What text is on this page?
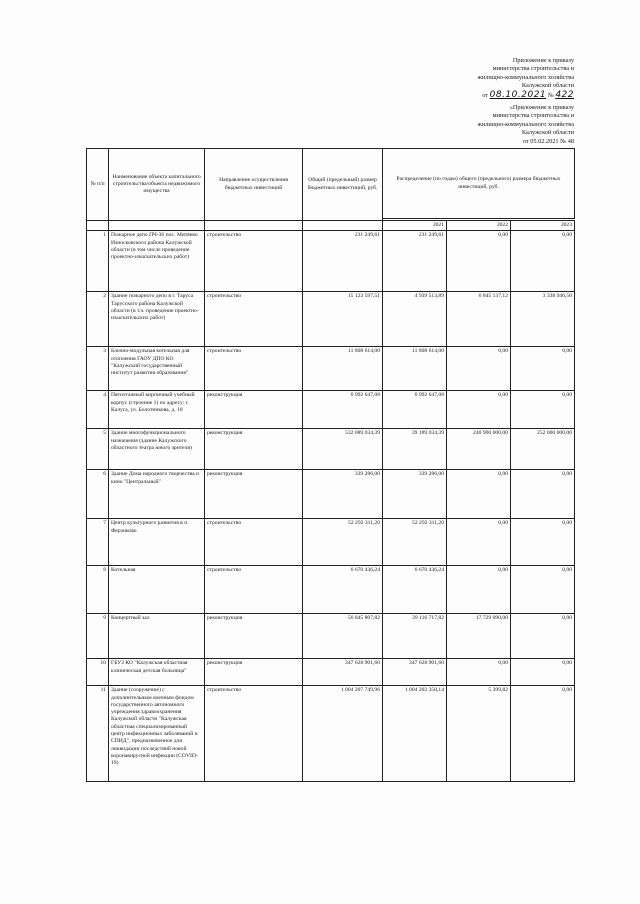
Приложение к приказу
министерства строительства и
жилищно-коммунального хозяйства
Калужской области
от 08.10.2021 № 422
«Приложение к приказу
министерства строительства и
жилищно-коммунального хозяйства
Калужской области
от 05.02.2021 № 48
№ п/п	Наименование объекта капитального строительства/объекта недвижимого имущества	Направление осуществления бюджетных инвестиций	Общий (предельный) размер бюджетных инвестиций, руб.	Распределение (по годам) общего (предельного) размера бюджетных инвестиций, руб.		

				2021	2022	2023
1	Пожарное депо ПЧ-36 пос. Митяево Износковского района Калужской области (в том числе проведение проектно-изыскательских работ)	строительство	231 249,61	231 249,61	0,00	0,00
2	Здание пожарного депо в г. Таруса Тарусского района Калужской области (в т.ч. проведение проектно-изыскательских работ)	строительство	15 123 597,51	4 939 513,89	6 845 137,12	3 338 946,50
3	Блочно-модульная котельная для отопления ГАОУ ДПО КО "Калужский государственный институт развития образования"	строительство	11 808 614,00	11 808 614,00	0,00	0,00
4	Пятиэтажный кирпичный учебный корпус (строение 1) по адресу: г. Калуга, ул. Болотникова, д. 18	реконструкция	6 992 647,08	6 992 647,08	0,00	0,00
5	Здание многофункционального назначения (здание Калужского областного театра юного зрителя)	реконструкция	532 089 034,39	39 189 034,39	240 900 000,00	252 000 000,00
6	Здание Дома народного творчества и кино "Центральный"	реконструкция	339 286,00	339 286,00	0,00	0,00
7	Центр культурного развития в п. Ферзиково	строительство	52 292 311,20	52 292 311,20	0,00	0,00
8	Котельная	строительство	6 670 436,24	6 670 436,24	0,00	0,00
9	Концертный зал	реконструкция	56 845 807,82	39 116 717,82	17 729 090,00	0,00
10	ГБУЗ КО "Калужская областная клиническая детская больница"	реконструкция	347 628 901,60	347 628 901,60	0,00	0,00
11	Здание (сооружение) с дополнительным коечным фондом государственного автономного учреждения здравоохранения Калужской области "Калужская областная специализированный центр инфекционных заболеваний и СПИД", предназначенное для ликвидации последствий новой коронавирусной инфекции (COVID-19)	строительство	1 004 207 749,96	1 004 202 350,14	5 399,82	0,00
